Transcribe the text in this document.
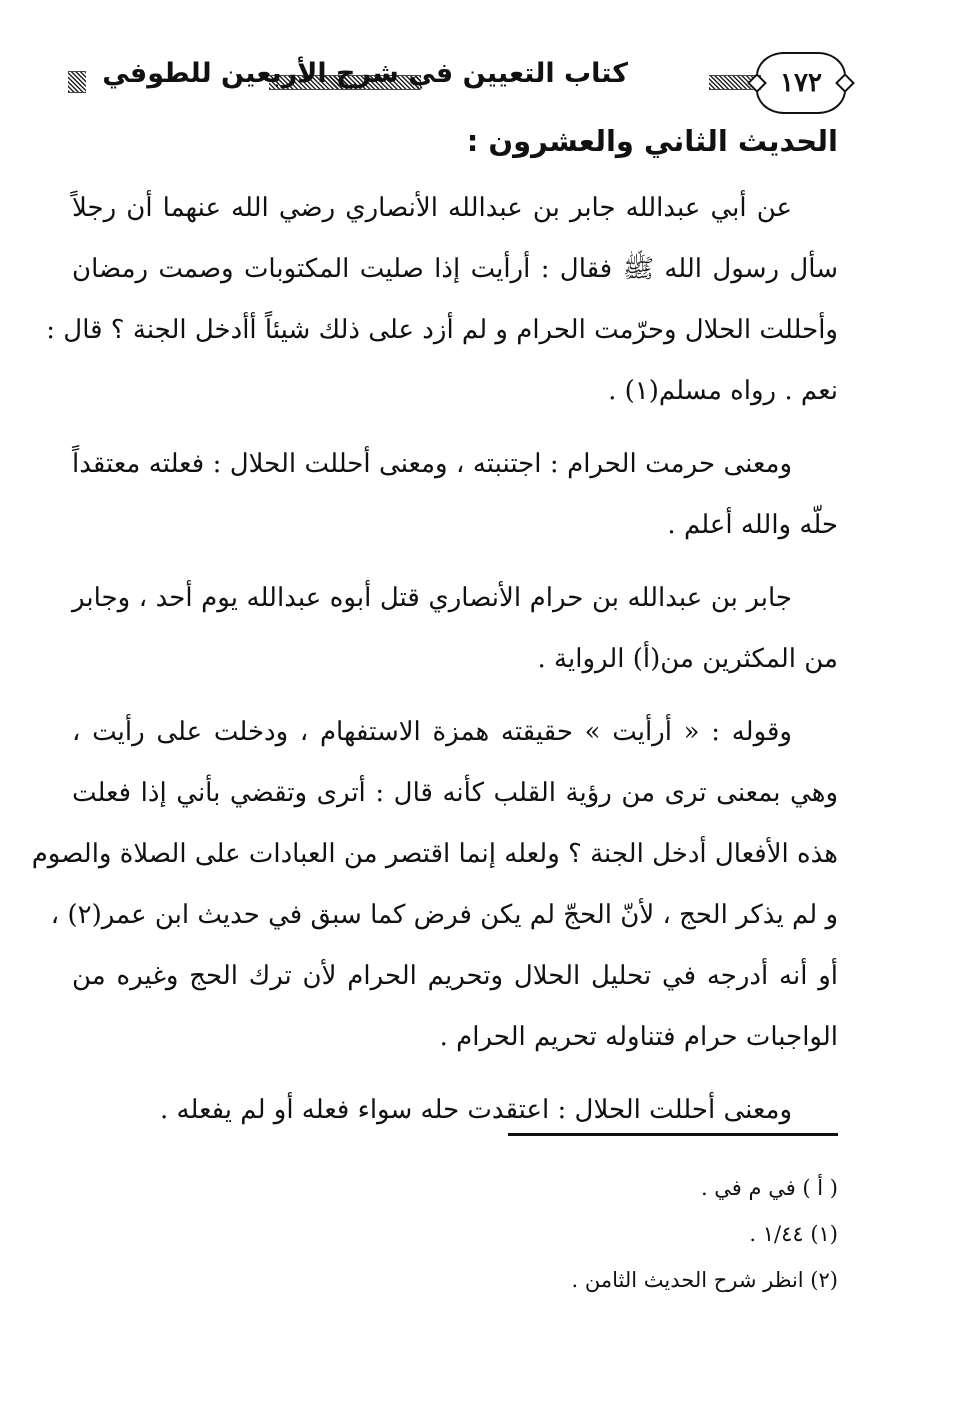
١٧٢
كتاب التعيين في شرح الأربعين للطوفي
الحديث الثاني والعشرون :
عن أبي عبدالله جابر بن عبدالله الأنصاري رضي الله عنهما أن رجلاً
سأل رسول الله ﷺ فقال : أرأيت إذا صليت المكتوبات وصمت رمضان
وأحللت الحلال وحرّمت الحرام و لم أزد على ذلك شيئاً أأدخل الجنة ؟ قال :
نعم . رواه مسلم(١) .
ومعنى حرمت الحرام : اجتنبته ، ومعنى أحللت الحلال : فعلته معتقداً
حلّه والله أعلم .
جابر بن عبدالله بن حرام الأنصاري قتل أبوه عبدالله يوم أحد ، وجابر
من المكثرين من(أ) الرواية .
وقوله : « أرأيت » حقيقته همزة الاستفهام ، ودخلت على رأيت ،
وهي بمعنى ترى من رؤية القلب كأنه قال : أترى وتقضي بأني إذا فعلت
هذه الأفعال أدخل الجنة ؟ ولعله إنما اقتصر من العبادات على الصلاة والصوم
و لم يذكر الحج ، لأنّ الحجّ لم يكن فرض كما سبق في حديث ابن عمر(٢) ،
أو أنه أدرجه في تحليل الحلال وتحريم الحرام لأن ترك الحج وغيره من
الواجبات حرام فتناوله تحريم الحرام .
ومعنى أحللت الحلال : اعتقدت حله سواء فعله أو لم يفعله .
( أ ) في م في .
(١) ١/٤٤ .
(٢) انظر شرح الحديث الثامن .
